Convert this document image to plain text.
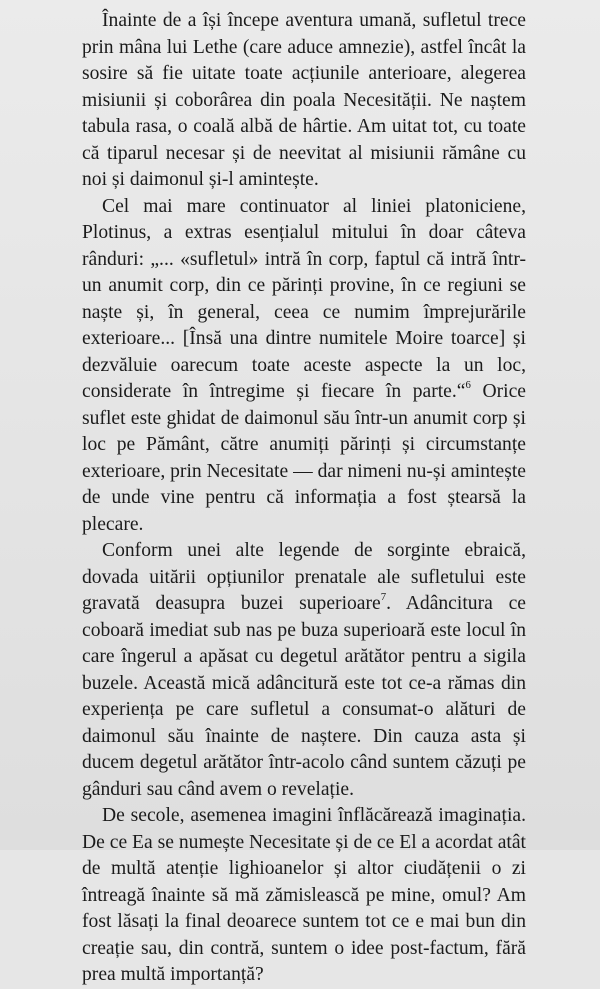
Înainte de a își începe aventura umană, sufletul trece prin mâna lui Lethe (care aduce amnezie), astfel încât la sosire să fie uitate toate acțiunile anterioare, alegerea misiunii și coborârea din poala Necesității. Ne naștem tabula rasa, o coală albă de hârtie. Am uitat tot, cu toate că tiparul necesar și de neevitat al misiunii rămâne cu noi și daimonul și-l amintește.

Cel mai mare continuator al liniei platoniciene, Plotinus, a extras esențialul mitului în doar câteva rânduri: „... «sufletul» intră în corp, faptul că intră într-un anumit corp, din ce părinți provine, în ce regiuni se naște și, în general, ceea ce numim împrejurările exterioare... [Însă una dintre numitele Moire toarce] și dezvăluie oarecum toate aceste aspecte la un loc, considerate în întregime și fiecare în parte.“$^6$ Orice suflet este ghidat de daimonul său într-un anumit corp și loc pe Pământ, către anumiți părinți și circumstanțe exterioare, prin Necesitate — dar nimeni nu-și amintește de unde vine pentru că informația a fost ștearsă la plecare.

Conform unei alte legende de sorginte ebraică, dovada uitării opțiunilor prenatale ale sufletului este gravată deasupra buzei superioare$^7$. Adâncitura ce coboară imediat sub nas pe buza superioară este locul în care îngerul a apăsat cu degetul arătător pentru a sigila buzele. Această mică adâncitură este tot ce-a rămas din experiența pe care sufletul a consumat-o alături de daimonul său înainte de naștere. Din cauza asta și ducem degetul arătător într-acolo când suntem căzuți pe gânduri sau când avem o revelație.

De secole, asemenea imagini înflăcărează imaginația. De ce Ea se numește Necesitate și de ce El a acordat atât de multă atenție lighioanelor și altor ciudățenii o zi întreagă înainte să mă zămislească pe mine, omul? Am fost lăsați la final deoarece suntem tot ce e mai bun din creație sau, din contră, suntem o idee post-factum, fără prea multă importanță?
